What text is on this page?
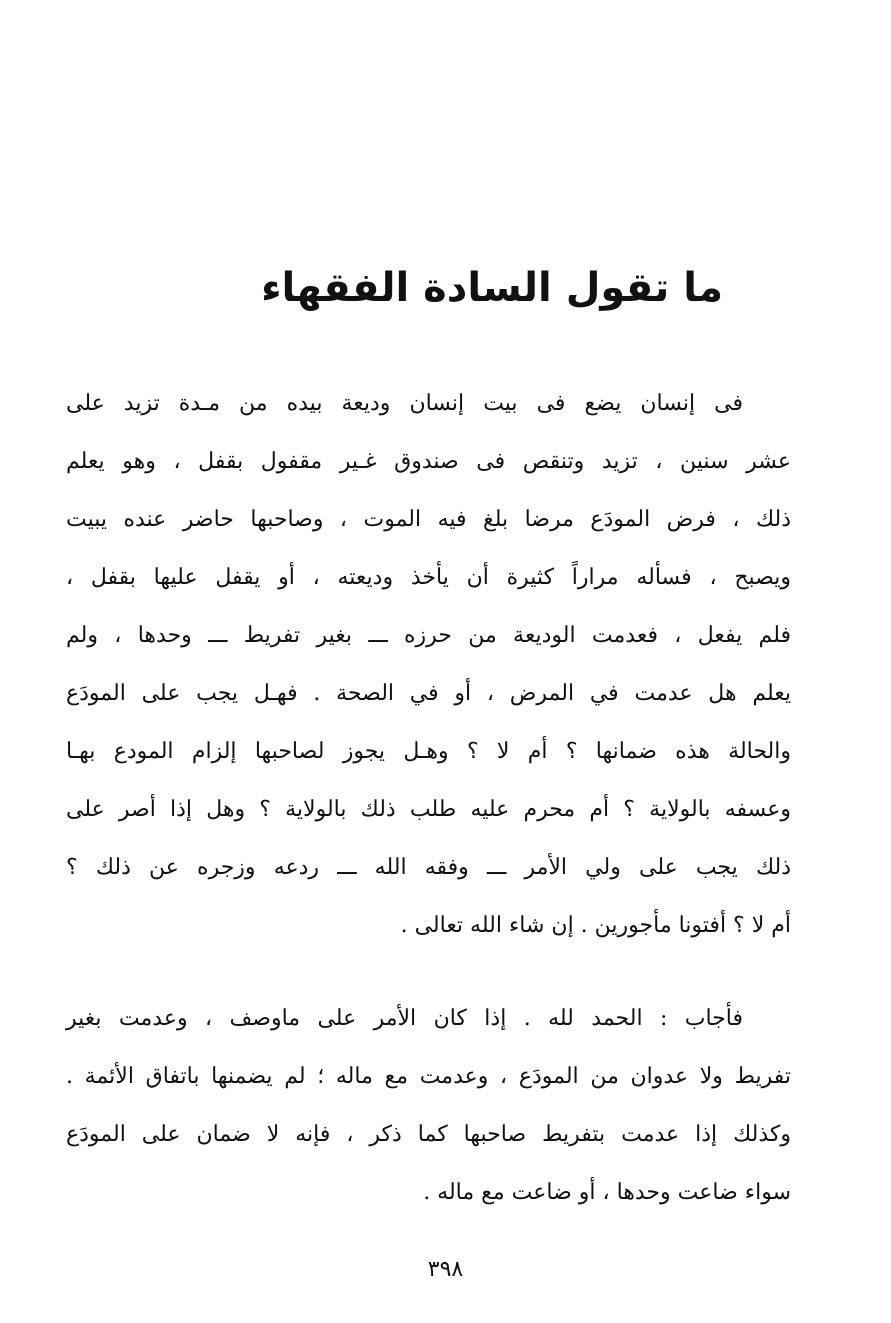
ما تقول السادة الفقهاء
فى إنسان يضع فى بيت إنسان وديعة بيده من مـدة تزيد على
عشر سنين ، تزيد وتنقص فى صندوق غـير مقفول بقفل ، وهو يعلم
ذلك ، فرض المودَع مرضا بلغ فيه الموت ، وصاحبها حاضر عنده يبيت
ويصبح ، فسأله مراراً كثيرة أن يأخذ وديعته ، أو يقفل عليها بقفل ،
فلم يفعل ، فعدمت الوديعة من حرزه ـــ بغير تفريط ـــ وحدها ، ولم
يعلم هل عدمت في المرض ، أو في الصحة . فهـل يجب على المودَع
والحالة هذه ضمانها ؟ أم لا ؟ وهـل يجوز لصاحبها إلزام المودع بهـا
وعسفه بالولاية ؟ أم محرم عليه طلب ذلك بالولاية ؟ وهل إذا أصر على
ذلك يجب على ولي الأمر ـــ وفقه الله ـــ ردعه وزجره عن ذلك ؟
أم لا ؟ أفتونا مأجورين . إن شاء الله تعالى .
فأجاب : الحمد لله . إذا كان الأمر على ماوصف ، وعدمت بغير
تفريط ولا عدوان من المودَع ، وعدمت مع ماله ؛ لم يضمنها باتفاق الأئمة .
وكذلك إذا عدمت بتفريط صاحبها كما ذكر ، فإنه لا ضمان على المودَع
سواء ضاعت وحدها ، أو ضاعت مع ماله .
٣٩٨
